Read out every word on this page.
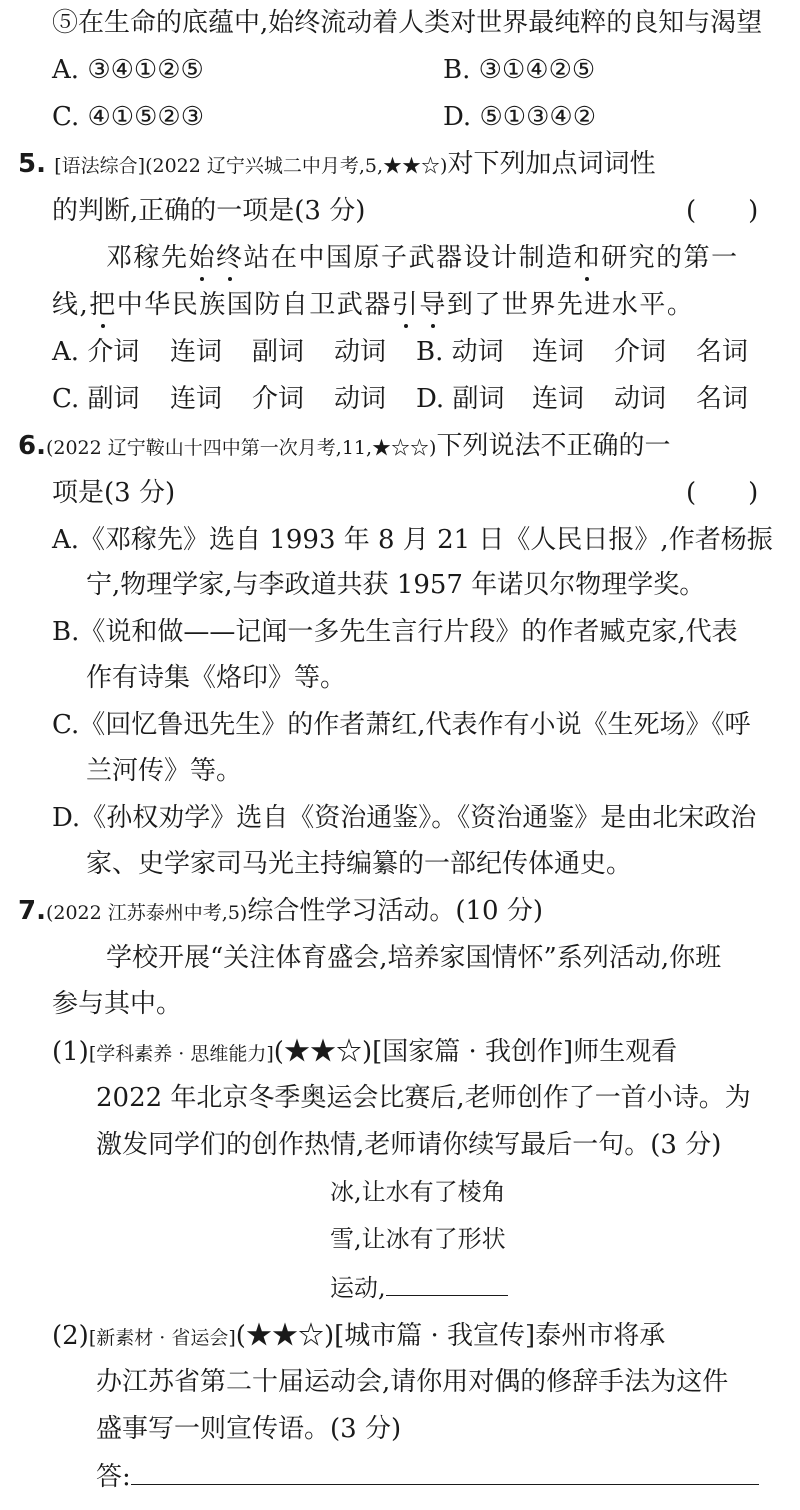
⑤在生命的底蕴中,始终流动着人类对世界最纯粹的良知与渴望
A. ③④①②⑤	B. ③①④②⑤
C. ④①⑤②③	D. ⑤①③④②
5. [语法综合](2022 辽宁兴城二中月考,5,★★☆)对下列加点词词性
的判断,正确的一项是(3 分)	(　　)
邓稼先始终站在中国原子武器设计制造和研究的第一
线,把中华民族国防自卫武器引导到了世界先进水平。
A. 介词 连词 副词 动词 B. 动词 连词 介词 名词
C. 副词 连词 介词 动词 D. 副词 连词 动词 名词
6.(2022 辽宁鞍山十四中第一次月考,11,★☆☆)下列说法不正确的一
项是(3 分)	(　　)
A.《邓稼先》选自 1993 年 8 月 21 日《人民日报》,作者杨振
宁,物理学家,与李政道共获 1957 年诺贝尔物理学奖。
B.《说和做——记闻一多先生言行片段》的作者臧克家,代表
作有诗集《烙印》等。
C.《回忆鲁迅先生》的作者萧红,代表作有小说《生死场》《呼
兰河传》等。
D.《孙权劝学》选自《资治通鉴》。《资治通鉴》是由北宋政治
家、史学家司马光主持编纂的一部纪传体通史。
7.(2022 江苏泰州中考,5)综合性学习活动。(10 分)
学校开展“关注体育盛会,培养家国情怀”系列活动,你班
参与其中。
(1)[学科素养 · 思维能力](★★☆)[国家篇 · 我创作]师生观看
2022 年北京冬季奥运会比赛后,老师创作了一首小诗。为
激发同学们的创作热情,老师请你续写最后一句。(3 分)
冰,让水有了棱角
雪,让冰有了形状
运动,
(2)[新素材 · 省运会](★★☆)[城市篇 · 我宣传]泰州市将承
办江苏省第二十届运动会,请你用对偶的修辞手法为这件
盛事写一则宣传语。(3 分)
答:
